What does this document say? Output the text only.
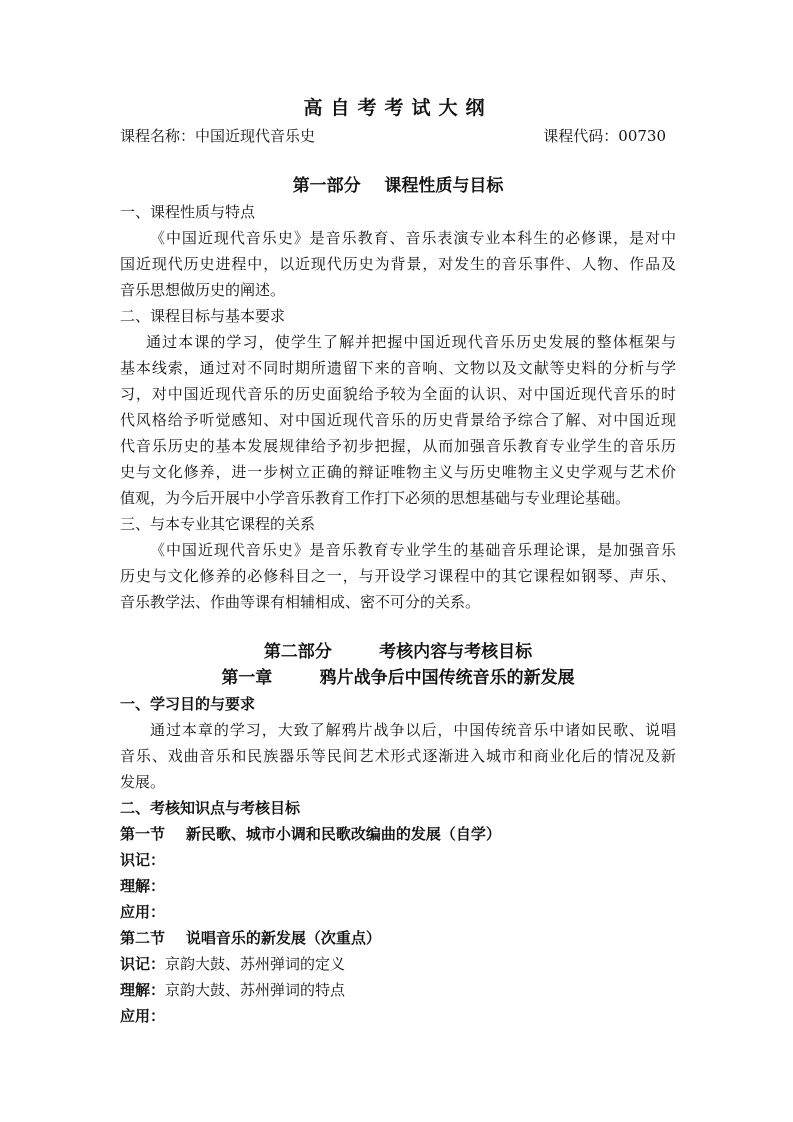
高自考考试大纲
课程名称：中国近现代音乐史	课程代码：00730
第一部分    课程性质与目标
一、课程性质与特点
《中国近现代音乐史》是音乐教育、音乐表演专业本科生的必修课，是对中
国近现代历史进程中，以近现代历史为背景，对发生的音乐事件、人物、作品及
音乐思想做历史的阐述。
二、课程目标与基本要求
通过本课的学习，使学生了解并把握中国近现代音乐历史发展的整体框架与
基本线索，通过对不同时期所遗留下来的音响、文物以及文献等史料的分析与学
习，对中国近现代音乐的历史面貌给予较为全面的认识、对中国近现代音乐的时
代风格给予听觉感知、对中国近现代音乐的历史背景给予综合了解、对中国近现
代音乐历史的基本发展规律给予初步把握，从而加强音乐教育专业学生的音乐历
史与文化修养，进一步树立正确的辩证唯物主义与历史唯物主义史学观与艺术价
值观，为今后开展中小学音乐教育工作打下必须的思想基础与专业理论基础。
三、与本专业其它课程的关系
《中国近现代音乐史》是音乐教育专业学生的基础音乐理论课，是加强音乐
历史与文化修养的必修科目之一，与开设学习课程中的其它课程如钢琴、声乐、
音乐教学法、作曲等课有相辅相成、密不可分的关系。
第二部分        考核内容与考核目标
第一章        鸦片战争后中国传统音乐的新发展
一、学习目的与要求
通过本章的学习，大致了解鸦片战争以后，中国传统音乐中诸如民歌、说唱
音乐、戏曲音乐和民族器乐等民间艺术形式逐渐进入城市和商业化后的情况及新
发展。
二、考核知识点与考核目标
第一节    新民歌、城市小调和民歌改编曲的发展（自学）
识记：
理解：
应用：
第二节    说唱音乐的新发展（次重点）
识记：京韵大鼓、苏州弹词的定义
理解：京韵大鼓、苏州弹词的特点
应用：
